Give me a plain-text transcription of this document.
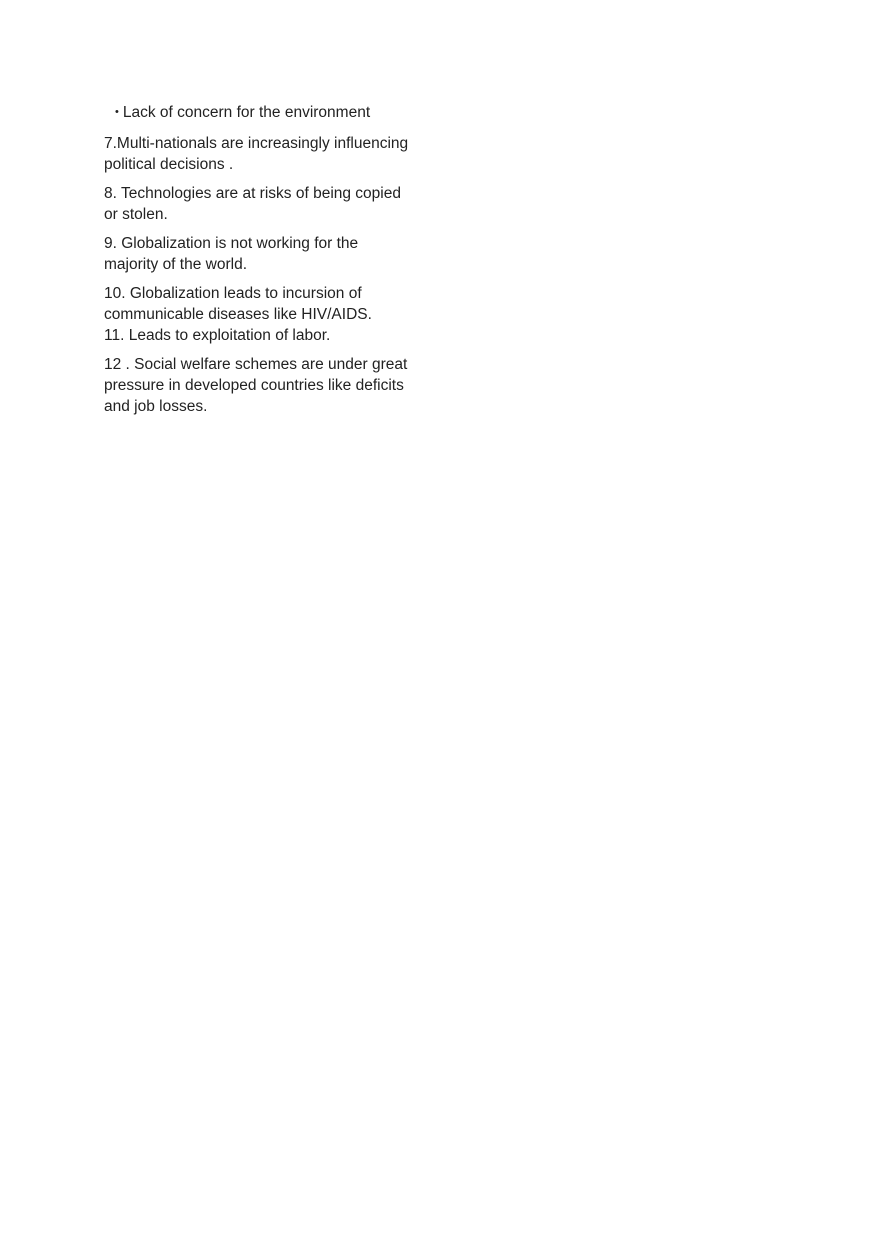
• Lack of concern for the environment

7.Multi-nationals are increasingly influencing
political decisions .

8. Technologies are at risks of being copied
or stolen.

9. Globalization is not working for the
majority of the world.

10. Globalization leads to incursion of
communicable diseases like HIV/AIDS.

11. Leads to exploitation of labor.

12 . Social welfare schemes are under great
pressure in developed countries like deficits
and job losses.
